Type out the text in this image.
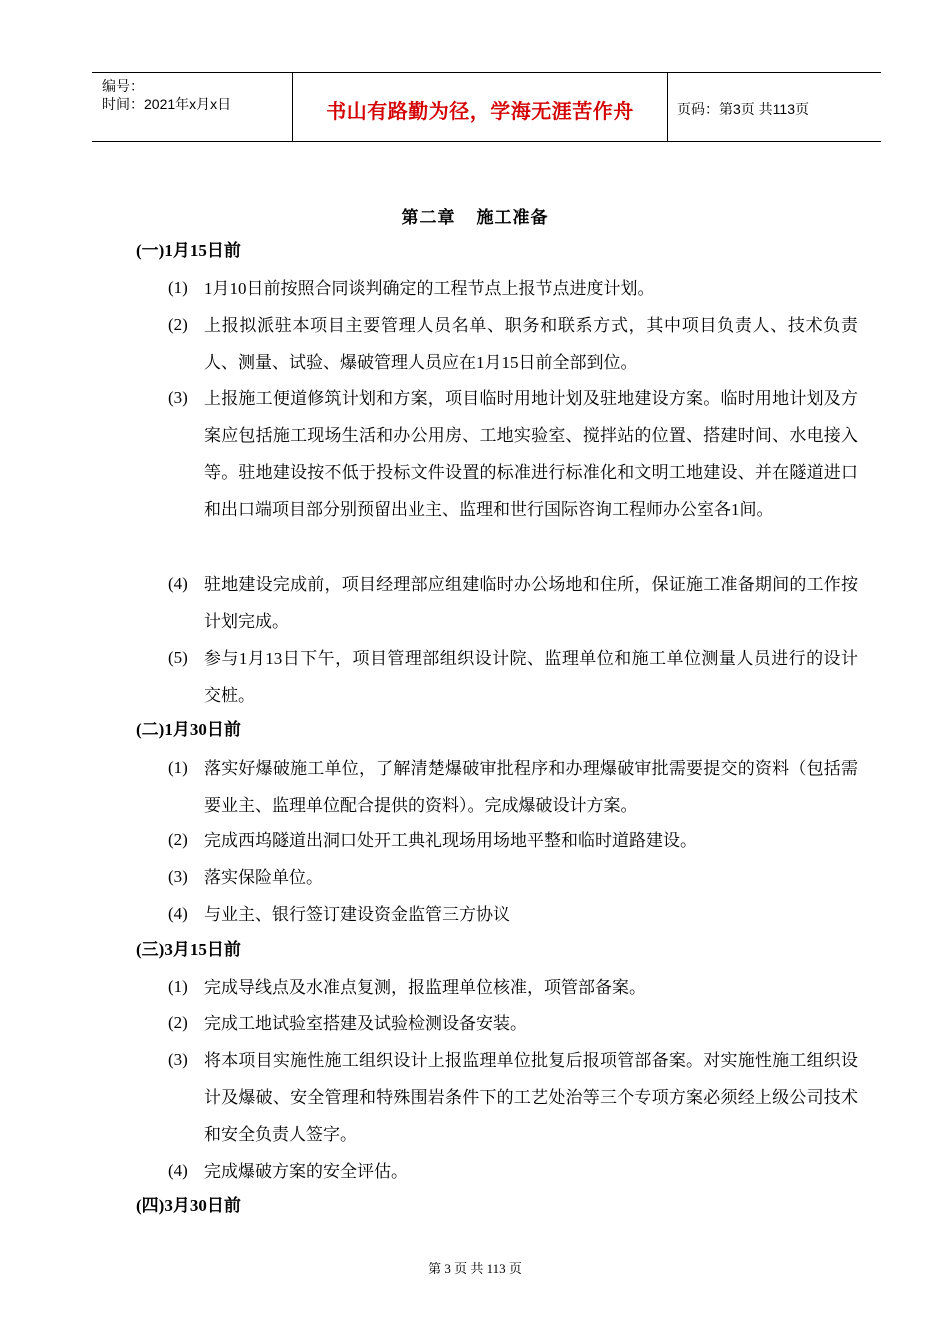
编号：
时间：2021年x月x日	书山有路勤为径，学海无涯苦作舟	页码：第3页 共113页
第二章    施工准备
(一)1月15日前
(1) 1月10日前按照合同谈判确定的工程节点上报节点进度计划。
(2) 上报拟派驻本项目主要管理人员名单、职务和联系方式，其中项目负责人、技术负责人、测量、试验、爆破管理人员应在1月15日前全部到位。
(3) 上报施工便道修筑计划和方案，项目临时用地计划及驻地建设方案。临时用地计划及方案应包括施工现场生活和办公用房、工地实验室、搅拌站的位置、搭建时间、水电接入等。驻地建设按不低于投标文件设置的标准进行标准化和文明工地建设、并在隧道进口和出口端项目部分别预留出业主、监理和世行国际咨询工程师办公室各1间。
(4) 驻地建设完成前，项目经理部应组建临时办公场地和住所，保证施工准备期间的工作按计划完成。
(5) 参与1月13日下午，项目管理部组织设计院、监理单位和施工单位测量人员进行的设计交桩。
(二)1月30日前
(1) 落实好爆破施工单位，了解清楚爆破审批程序和办理爆破审批需要提交的资料（包括需要业主、监理单位配合提供的资料）。完成爆破设计方案。
(2) 完成西坞隧道出洞口处开工典礼现场用场地平整和临时道路建设。
(3) 落实保险单位。
(4) 与业主、银行签订建设资金监管三方协议
(三)3月15日前
(1) 完成导线点及水准点复测，报监理单位核准，项管部备案。
(2) 完成工地试验室搭建及试验检测设备安装。
(3) 将本项目实施性施工组织设计上报监理单位批复后报项管部备案。对实施性施工组织设计及爆破、安全管理和特殊围岩条件下的工艺处治等三个专项方案必须经上级公司技术和安全负责人签字。
(4) 完成爆破方案的安全评估。
(四)3月30日前
第 3 页 共 113 页
